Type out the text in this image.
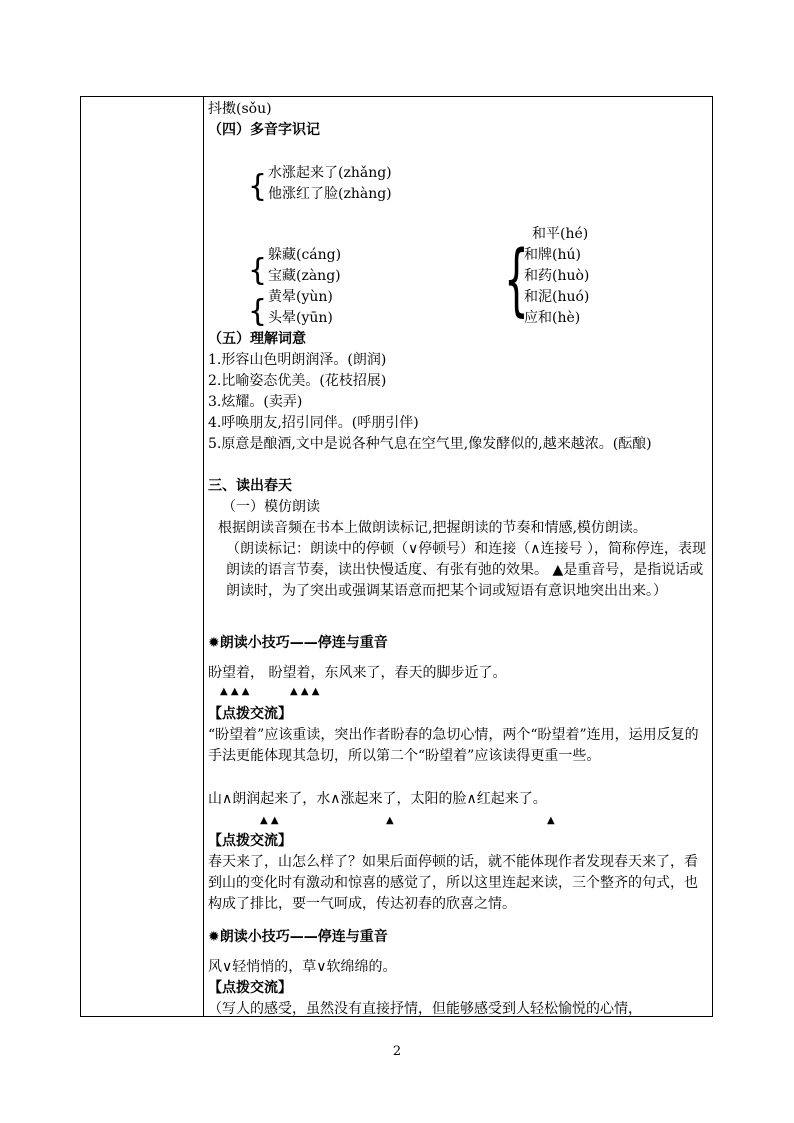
抖擞(sǒu)
（四）多音字识记
{ 水涨起来了(zhǎng)
他涨红了脸(zhàng)
和平(hé)
{
和牌(hú)
和药(huò)
和泥(huó)
应和(hè)
{ 躲藏(cáng)
宝藏(zàng)
{ 黄晕(yùn)
头晕(yūn)
（五）理解词意
1.形容山色明朗润泽。(朗润)
2.比喻姿态优美。(花枝招展)
3.炫耀。(卖弄)
4.呼唤朋友,招引同伴。(呼朋引伴)
5.原意是酿酒,文中是说各种气息在空气里,像发酵似的,越来越浓。(酝酿)
三、读出春天
（一）模仿朗读
根据朗读音频在书本上做朗读标记,把握朗读的节奏和情感,模仿朗读。
（朗读标记：朗读中的停顿（∨停顿号）和连接（∧连接号 ），简称停连，表现朗读的语言节奏，读出快慢适度、有张有弛的效果。 ▲是重音号，是指说话或朗读时，为了突出或强调某语意而把某个词或短语有意识地突出出来。）
✹朗读小技巧——停连与重音
盼望着， 盼望着，东风来了，春天的脚步近了。
▲ ▲ ▲	▲ ▲ ▲
【点拨交流】
“盼望着”应该重读，突出作者盼春的急切心情，两个“盼望着”连用，运用反复的手法更能体现其急切，所以第二个“盼望着”应该读得更重一些。
山∧朗润起来了，水∧涨起来了，太阳的脸∧红起来了。
▲ ▲	▲	▲
【点拨交流】
春天来了，山怎么样了？如果后面停顿的话，就不能体现作者发现春天来了，看到山的变化时有激动和惊喜的感觉了，所以这里连起来读，三个整齐的句式，也构成了排比，要一气呵成，传达初春的欣喜之情。
✹朗读小技巧——停连与重音
风∨轻悄悄的，草∨软绵绵的。
【点拨交流】
（写人的感受，虽然没有直接抒情，但能够感受到人轻松愉悦的心情，
2
